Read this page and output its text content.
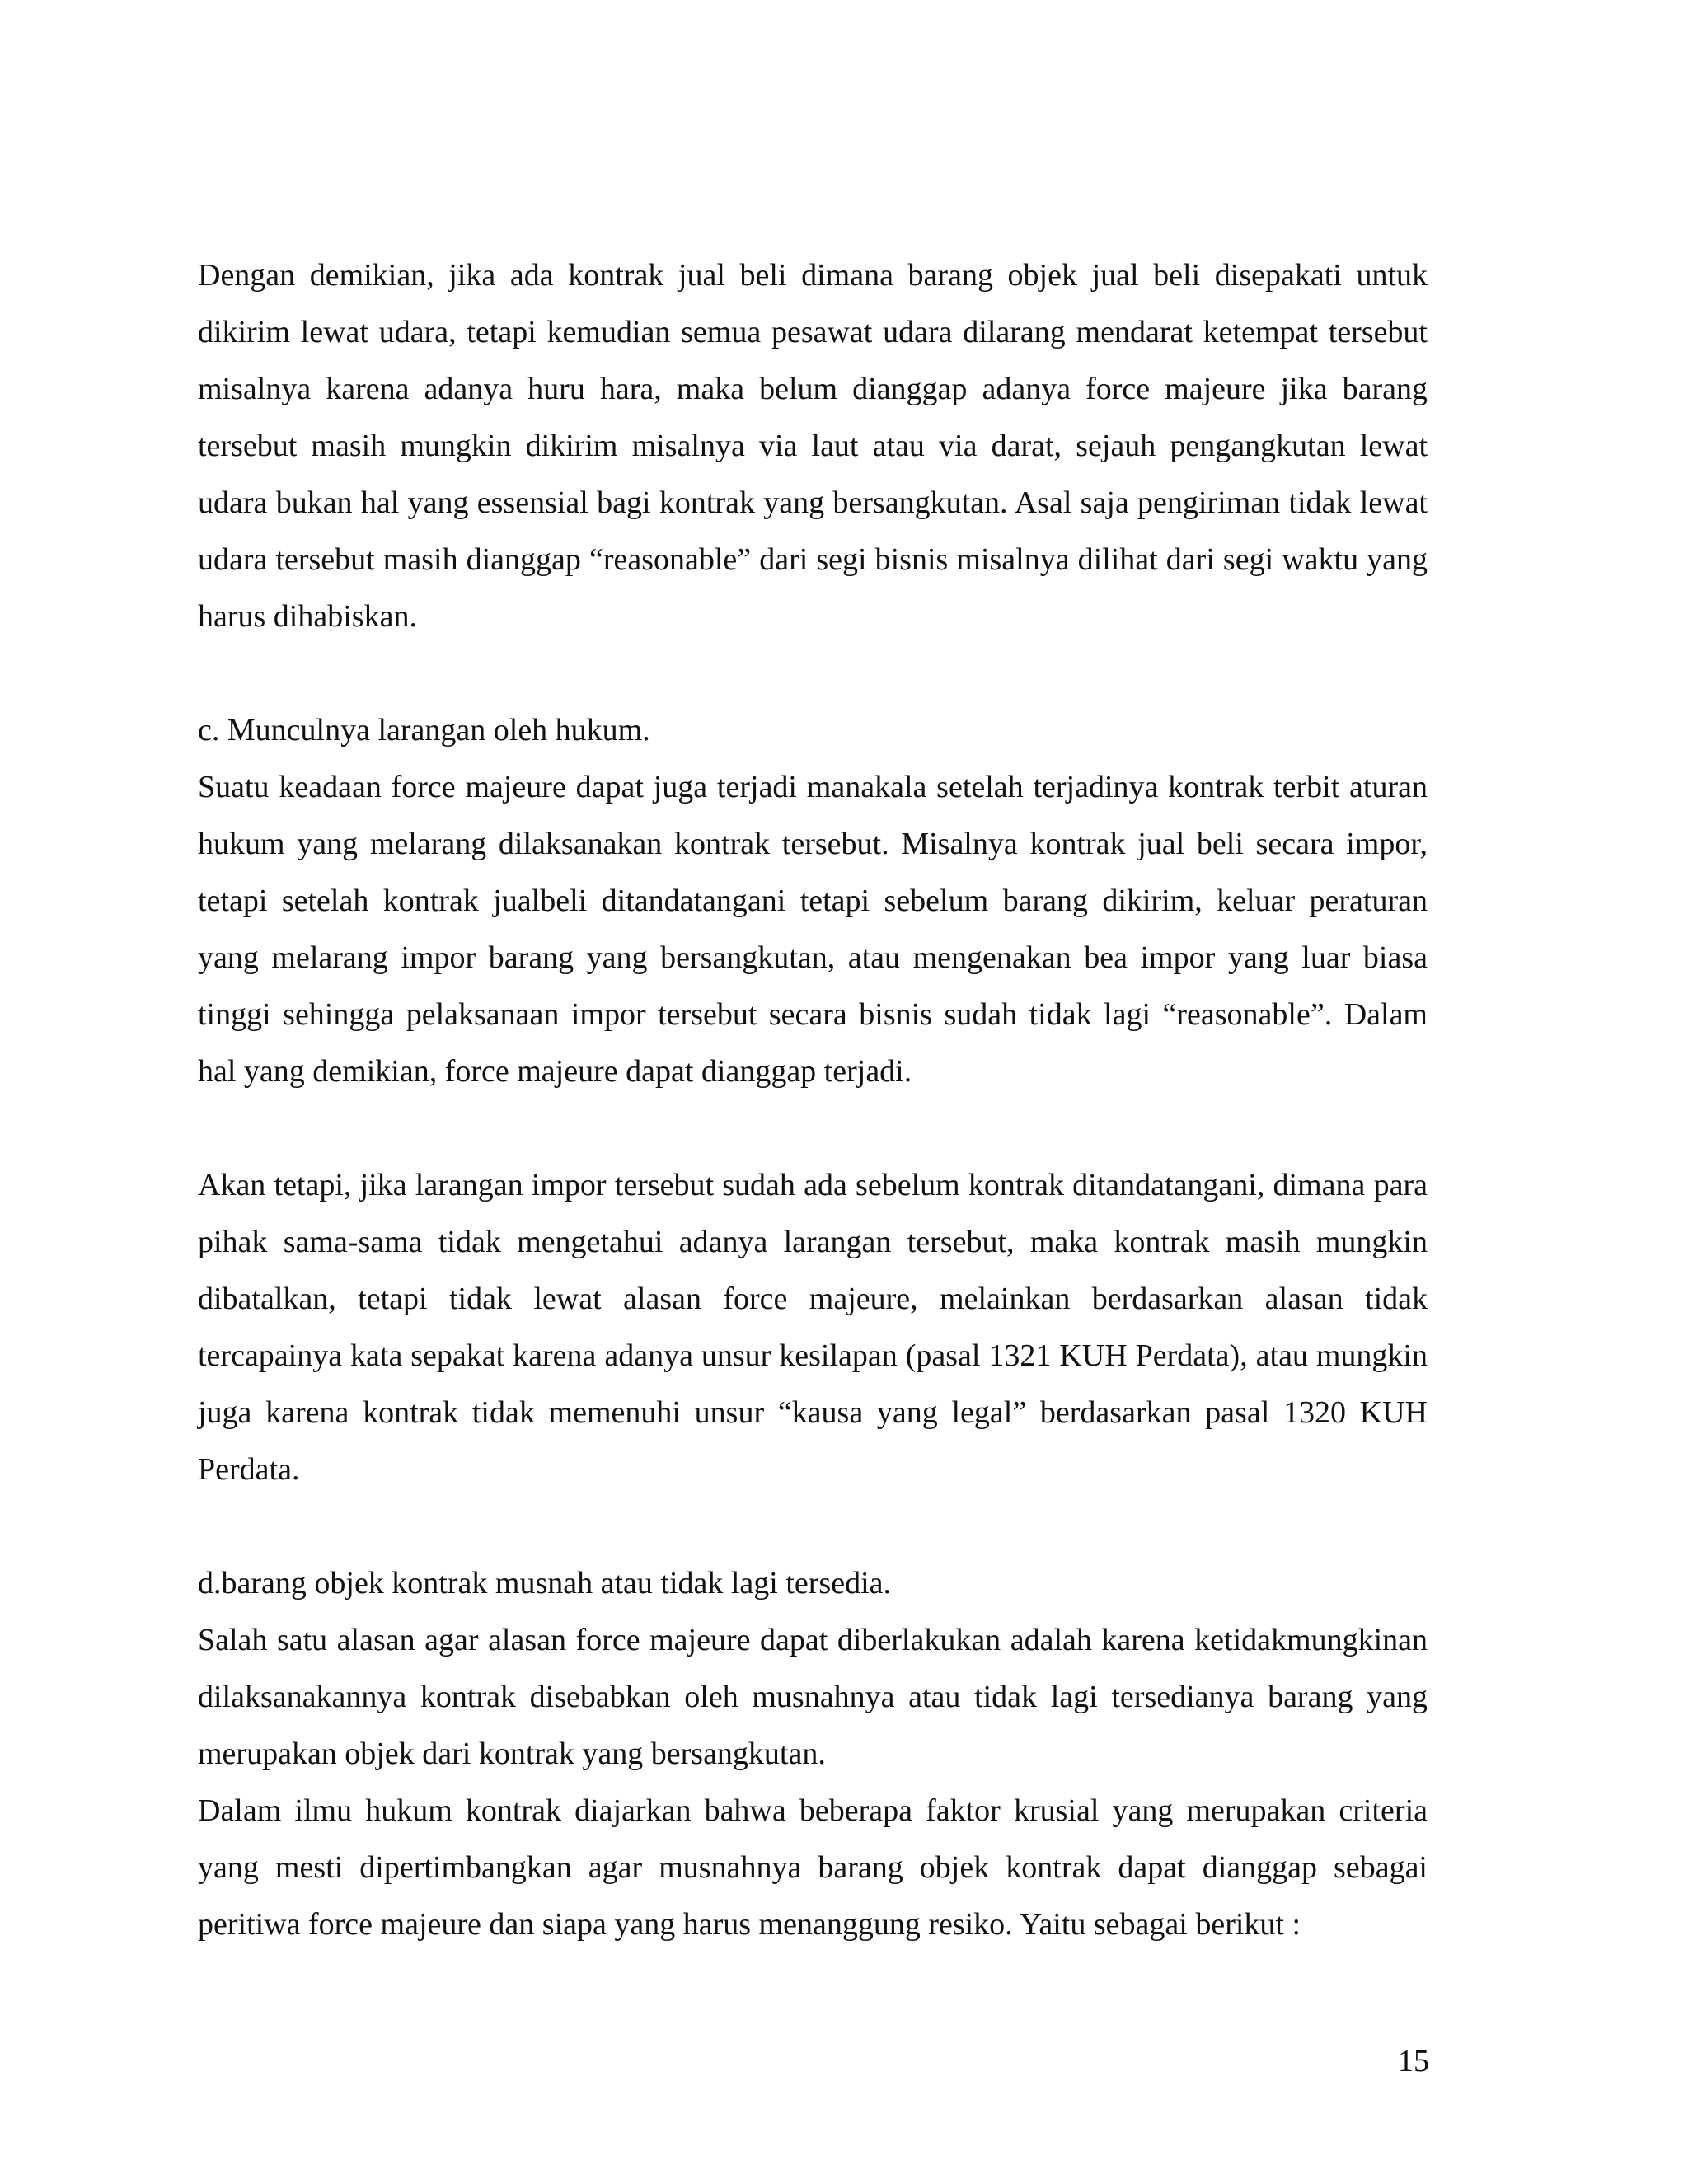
Dengan demikian, jika ada kontrak jual beli dimana barang objek jual beli disepakati untuk dikirim lewat udara, tetapi kemudian semua pesawat udara dilarang mendarat ketempat tersebut misalnya karena adanya huru hara, maka belum dianggap adanya force majeure jika barang tersebut masih mungkin dikirim misalnya via laut atau via darat, sejauh pengangkutan lewat udara bukan hal yang essensial bagi kontrak yang bersangkutan. Asal saja pengiriman tidak lewat udara tersebut masih dianggap “reasonable” dari segi bisnis misalnya dilihat dari segi waktu yang harus dihabiskan.

c. Munculnya larangan oleh hukum.

Suatu keadaan force majeure dapat juga terjadi manakala setelah terjadinya kontrak terbit aturan hukum yang melarang dilaksanakan kontrak tersebut. Misalnya kontrak jual beli secara impor, tetapi setelah kontrak jualbeli ditandatangani tetapi sebelum barang dikirim, keluar peraturan yang melarang impor barang yang bersangkutan, atau mengenakan bea impor yang luar biasa tinggi sehingga pelaksanaan impor tersebut secara bisnis sudah tidak lagi “reasonable”. Dalam hal yang demikian, force majeure dapat dianggap terjadi.

Akan tetapi, jika larangan impor tersebut sudah ada sebelum kontrak ditandatangani, dimana para pihak sama-sama tidak mengetahui adanya larangan tersebut, maka kontrak masih mungkin dibatalkan, tetapi tidak lewat alasan force majeure, melainkan berdasarkan alasan tidak tercapainya kata sepakat karena adanya unsur kesilapan (pasal 1321 KUH Perdata), atau mungkin juga karena kontrak tidak memenuhi unsur “kausa yang legal” berdasarkan pasal 1320 KUH Perdata.

d.barang objek kontrak musnah atau tidak lagi tersedia.

Salah satu alasan agar alasan force majeure dapat diberlakukan adalah karena ketidakmungkinan dilaksanakannya kontrak disebabkan oleh musnahnya atau tidak lagi tersedianya barang yang merupakan objek dari kontrak yang bersangkutan.

Dalam ilmu hukum kontrak diajarkan bahwa beberapa faktor krusial yang merupakan criteria yang mesti dipertimbangkan agar musnahnya barang objek kontrak dapat dianggap sebagai peritiwa force majeure dan siapa yang harus menanggung resiko. Yaitu sebagai berikut :

15
